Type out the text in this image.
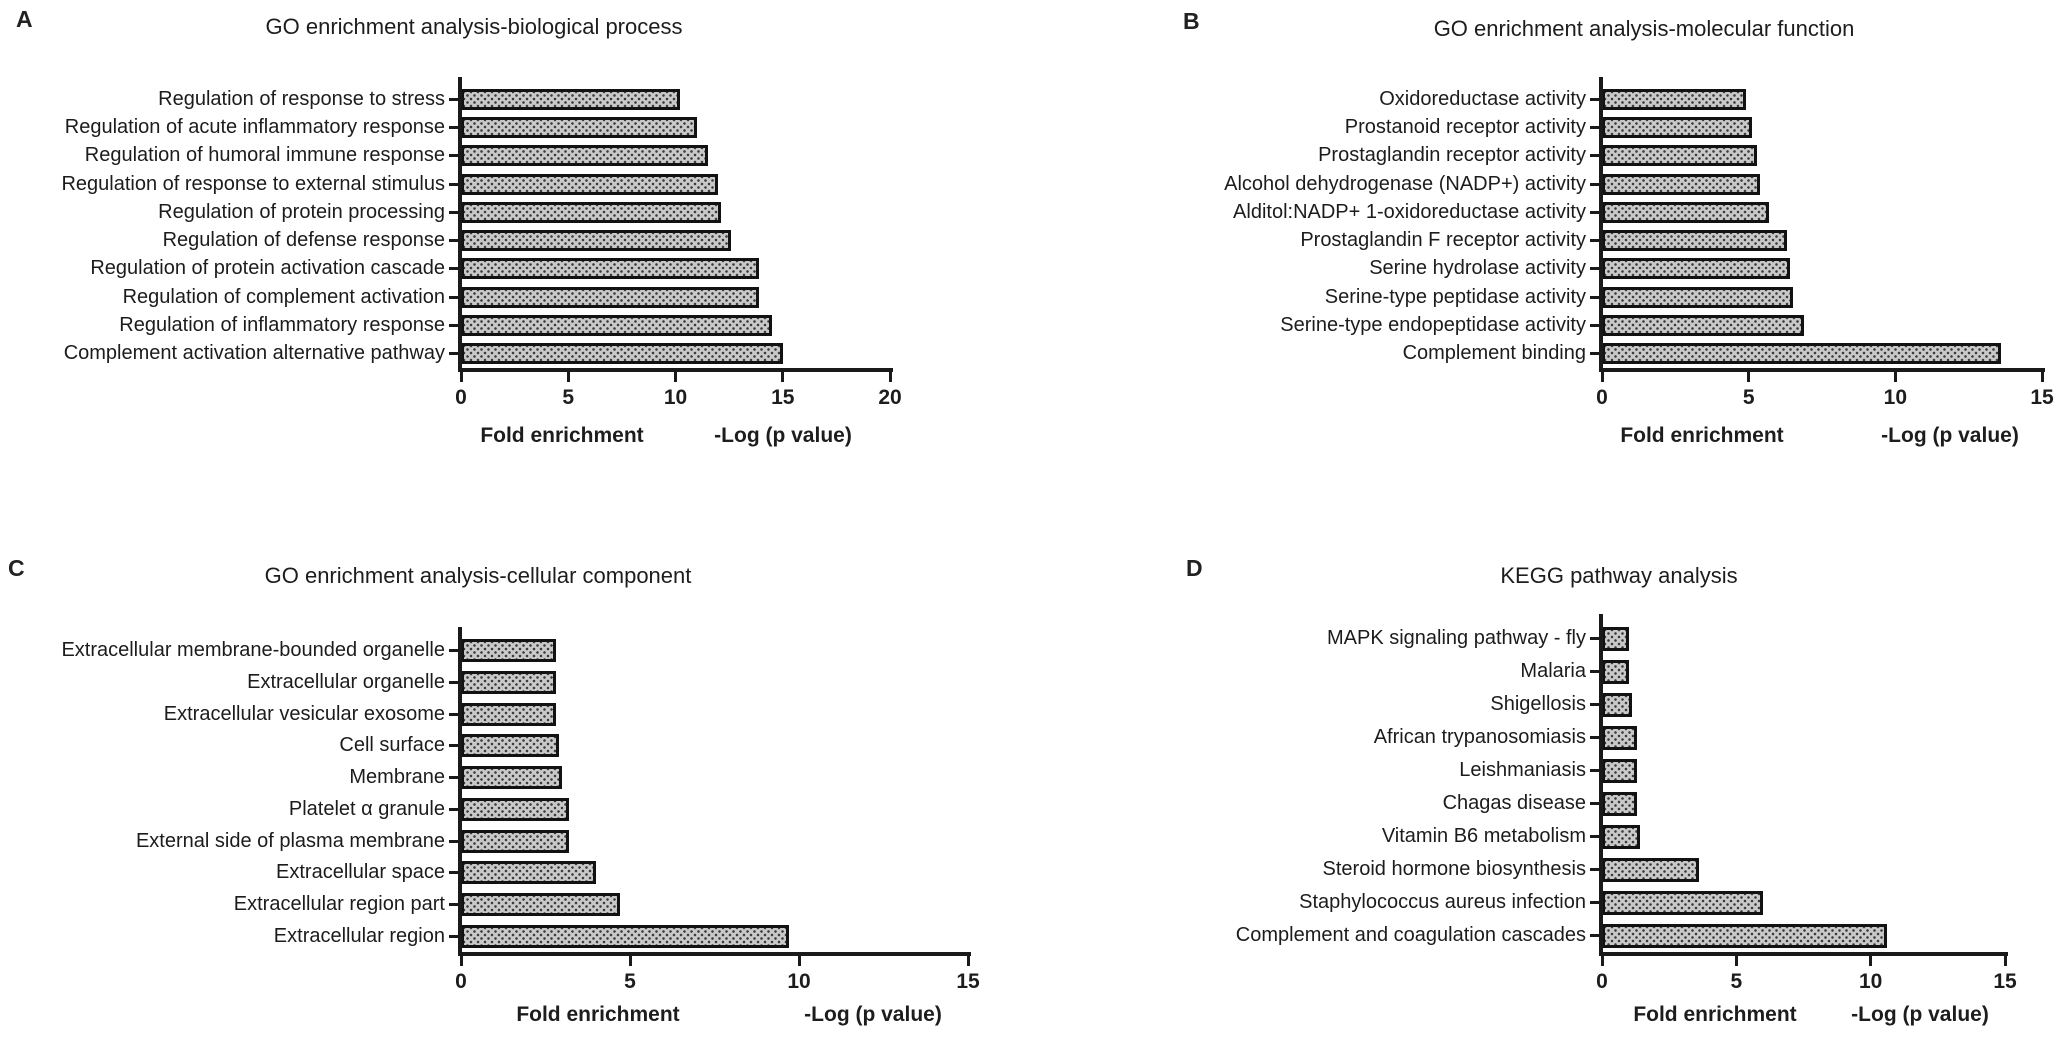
A	GO enrichment analysis-biological process
Regulation of response to stress
Regulation of acute inflammatory response
Regulation of humoral immune response
Regulation of response to external stimulus
Regulation of protein processing
Regulation of defense response
Regulation of protein activation cascade
Regulation of complement activation
Regulation of inflammatory response
Complement activation alternative pathway
0	5	10	15	20
Fold enrichment	-Log (p value)
B	GO enrichment analysis-molecular function
Oxidoreductase activity
Prostanoid receptor activity
Prostaglandin receptor activity
Alcohol dehydrogenase (NADP+) activity
Alditol:NADP+ 1-oxidoreductase activity
Prostaglandin F receptor activity
Serine hydrolase activity
Serine-type peptidase activity
Serine-type endopeptidase activity
Complement binding
0	5	10	15
Fold enrichment	-Log (p value)
C	GO enrichment analysis-cellular component
Extracellular membrane-bounded organelle
Extracellular organelle
Extracellular vesicular exosome
Cell surface
Membrane
Platelet α granule
External side of plasma membrane
Extracellular space
Extracellular region part
Extracellular region
0	5	10	15
Fold enrichment	-Log (p value)
D	KEGG pathway analysis
MAPK signaling pathway - fly
Malaria
Shigellosis
African trypanosomiasis
Leishmaniasis
Chagas disease
Vitamin B6 metabolism
Steroid hormone biosynthesis
Staphylococcus aureus infection
Complement and coagulation cascades
0	5	10	15
Fold enrichment	-Log (p value)
